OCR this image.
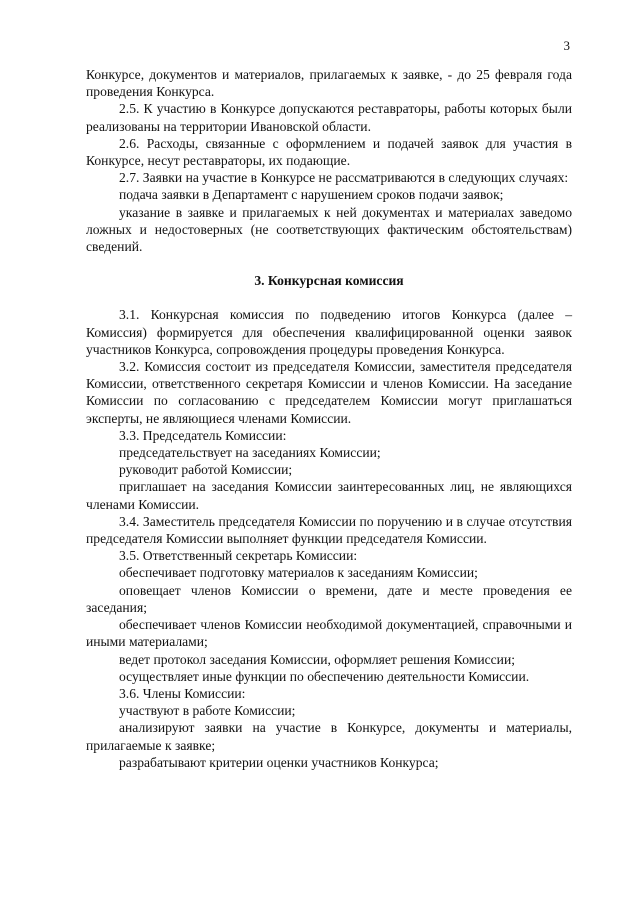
3

Конкурсе, документов и материалов, прилагаемых к заявке, - до 25 февраля года проведения Конкурса.

2.5. К участию в Конкурсе допускаются реставраторы, работы которых были реализованы на территории Ивановской области.

2.6. Расходы, связанные с оформлением и подачей заявок для участия в Конкурсе, несут реставраторы, их подающие.

2.7. Заявки на участие в Конкурсе не рассматриваются в следующих случаях:

подача заявки в Департамент с нарушением сроков подачи заявок;

указание в заявке и прилагаемых к ней документах и материалах заведомо ложных и недостоверных (не соответствующих фактическим обстоятельствам) сведений.

3. Конкурсная комиссия

3.1. Конкурсная комиссия по подведению итогов Конкурса (далее – Комиссия) формируется для обеспечения квалифицированной оценки заявок участников Конкурса, сопровождения процедуры проведения Конкурса.

3.2. Комиссия состоит из председателя Комиссии, заместителя председателя Комиссии, ответственного секретаря Комиссии и членов Комиссии. На заседание Комиссии по согласованию с председателем Комиссии могут приглашаться эксперты, не являющиеся членами Комиссии.

3.3. Председатель Комиссии:

председательствует на заседаниях Комиссии;

руководит работой Комиссии;

приглашает на заседания Комиссии заинтересованных лиц, не являющихся членами Комиссии.

3.4. Заместитель председателя Комиссии по поручению и в случае отсутствия председателя Комиссии выполняет функции председателя Комиссии.

3.5. Ответственный секретарь Комиссии:

обеспечивает подготовку материалов к заседаниям Комиссии;

оповещает членов Комиссии о времени, дате и месте проведения ее заседания;

обеспечивает членов Комиссии необходимой документацией, справочными и иными материалами;

ведет протокол заседания Комиссии, оформляет решения Комиссии;

осуществляет иные функции по обеспечению деятельности Комиссии.

3.6. Члены Комиссии:

участвуют в работе Комиссии;

анализируют заявки на участие в Конкурсе, документы и материалы, прилагаемые к заявке;

разрабатывают критерии оценки участников Конкурса;
